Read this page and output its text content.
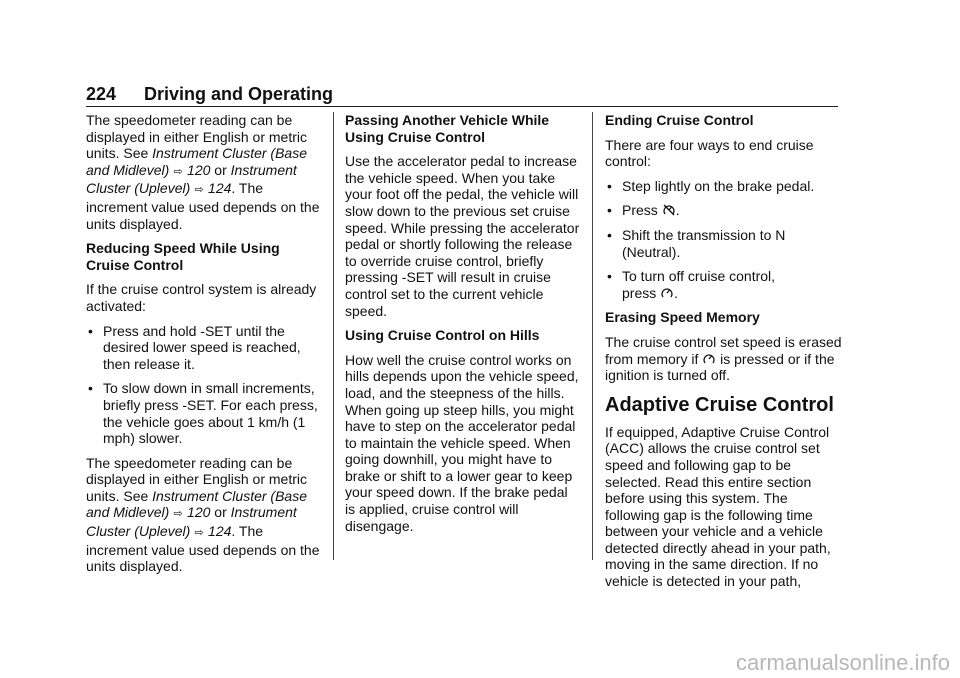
224 Driving and Operating

The speedometer reading can be displayed in either English or metric units. See Instrument Cluster (Base and Midlevel) ⇨ 120 or Instrument Cluster (Uplevel) ⇨ 124. The increment value used depends on the units displayed.

Reducing Speed While Using Cruise Control

If the cruise control system is already activated:

• Press and hold -SET until the desired lower speed is reached, then release it.
• To slow down in small increments, briefly press -SET. For each press, the vehicle goes about 1 km/h (1 mph) slower.

The speedometer reading can be displayed in either English or metric units. See Instrument Cluster (Base and Midlevel) ⇨ 120 or Instrument Cluster (Uplevel) ⇨ 124. The increment value used depends on the units displayed.

Passing Another Vehicle While Using Cruise Control

Use the accelerator pedal to increase the vehicle speed. When you take your foot off the pedal, the vehicle will slow down to the previous set cruise speed. While pressing the accelerator pedal or shortly following the release to override cruise control, briefly pressing -SET will result in cruise control set to the current vehicle speed.

Using Cruise Control on Hills

How well the cruise control works on hills depends upon the vehicle speed, load, and the steepness of the hills. When going up steep hills, you might have to step on the accelerator pedal to maintain the vehicle speed. When going downhill, you might have to brake or shift to a lower gear to keep your speed down. If the brake pedal is applied, cruise control will disengage.

Ending Cruise Control

There are four ways to end cruise control:

• Step lightly on the brake pedal.
• Press .
• Shift the transmission to N (Neutral).
• To turn off cruise control,
press .
Erasing Speed Memory

The cruise control set speed is erased from memory if is pressed or if the ignition is turned off.

Adaptive Cruise Control

If equipped, Adaptive Cruise Control (ACC) allows the cruise control set speed and following gap to be selected. Read this entire section before using this system. The following gap is the following time between your vehicle and a vehicle detected directly ahead in your path, moving in the same direction. If no vehicle is detected in your path,

carmanualsonline.info
